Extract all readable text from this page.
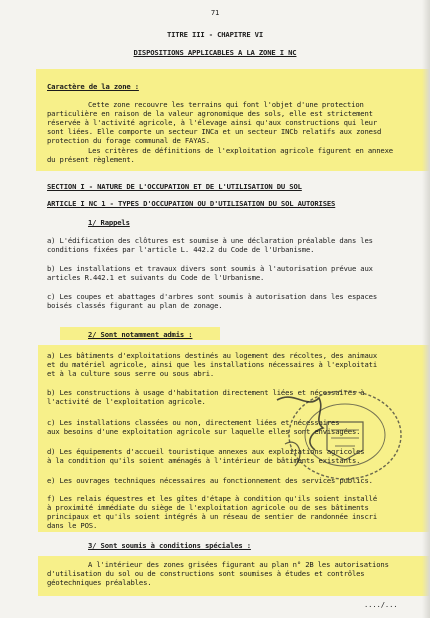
71
TITRE III - CHAPITRE VI
DISPOSITIONS APPLICABLES A LA ZONE I NC
Caractère de la zone :
Cette zone recouvre les terrains qui font l'objet d'une protection
particulière en raison de la valeur agronomique des sols, elle est strictement
réservée à l'activité agricole, à l'élevage ainsi qu'aux constructions qui leur
sont liées. Elle comporte un secteur INCa et un secteur INCb relatifs aux zonesd
protection du forage communal de FAYAS.
Les critères de définitions de l'exploitation agricole figurent en annexe
du présent règlement.
SECTION I - NATURE DE L'OCCUPATION ET DE L'UTILISATION DU SOL
ARTICLE I NC 1 - TYPES D'OCCUPATION OU D'UTILISATION DU SOL AUTORISES
1/ Rappels
a) L'édification des clôtures est soumise à une déclaration préalable dans les
conditions fixées par l'article L. 442.2 du Code de l'Urbanisme.
b) Les installations et travaux divers sont soumis à l'autorisation prévue aux
articles R.442.1 et suivants du Code de l'Urbanisme.
c) Les coupes et abattages d'arbres sont soumis à autorisation dans les espaces
boisés classés figurant au plan de zonage.
2/ Sont notamment admis :
a) Les bâtiments d'exploitations destinés au logement des récoltes, des animaux
et du matériel agricole, ainsi que les installations nécessaires à l'exploitati
et à la culture sous serre ou sous abri.
b) Les constructions à usage d'habitation directement liées et nécessaires à
l'activité de l'exploitation agricole.
c) Les installations classées ou non, directement liées et nécessaires
aux besoins d'une exploitation agricole sur laquelle elles sont envisagées.
d) Les équipements d'accueil touristique annexes aux exploitations agricoles
à la condition qu'ils soient aménagés à l'intérieur de bâtiments existants.
e) Les ouvrages techniques nécessaires au fonctionnement des services publics.
f) Les relais équestres et les gîtes d'étape à condition qu'ils soient installé
à proximité immédiate du siège de l'exploitation agricole ou de ses bâtiments
principaux et qu'ils soient intégrés à un réseau de sentier de randonnée inscri
dans le POS.
3/ Sont soumis à conditions spéciales :
A l'intérieur des zones grisées figurant au plan n° 2B les autorisations
d'utilisation du sol ou de constructions sont soumises à études et contrôles
géotechniques préalables.
..../...
